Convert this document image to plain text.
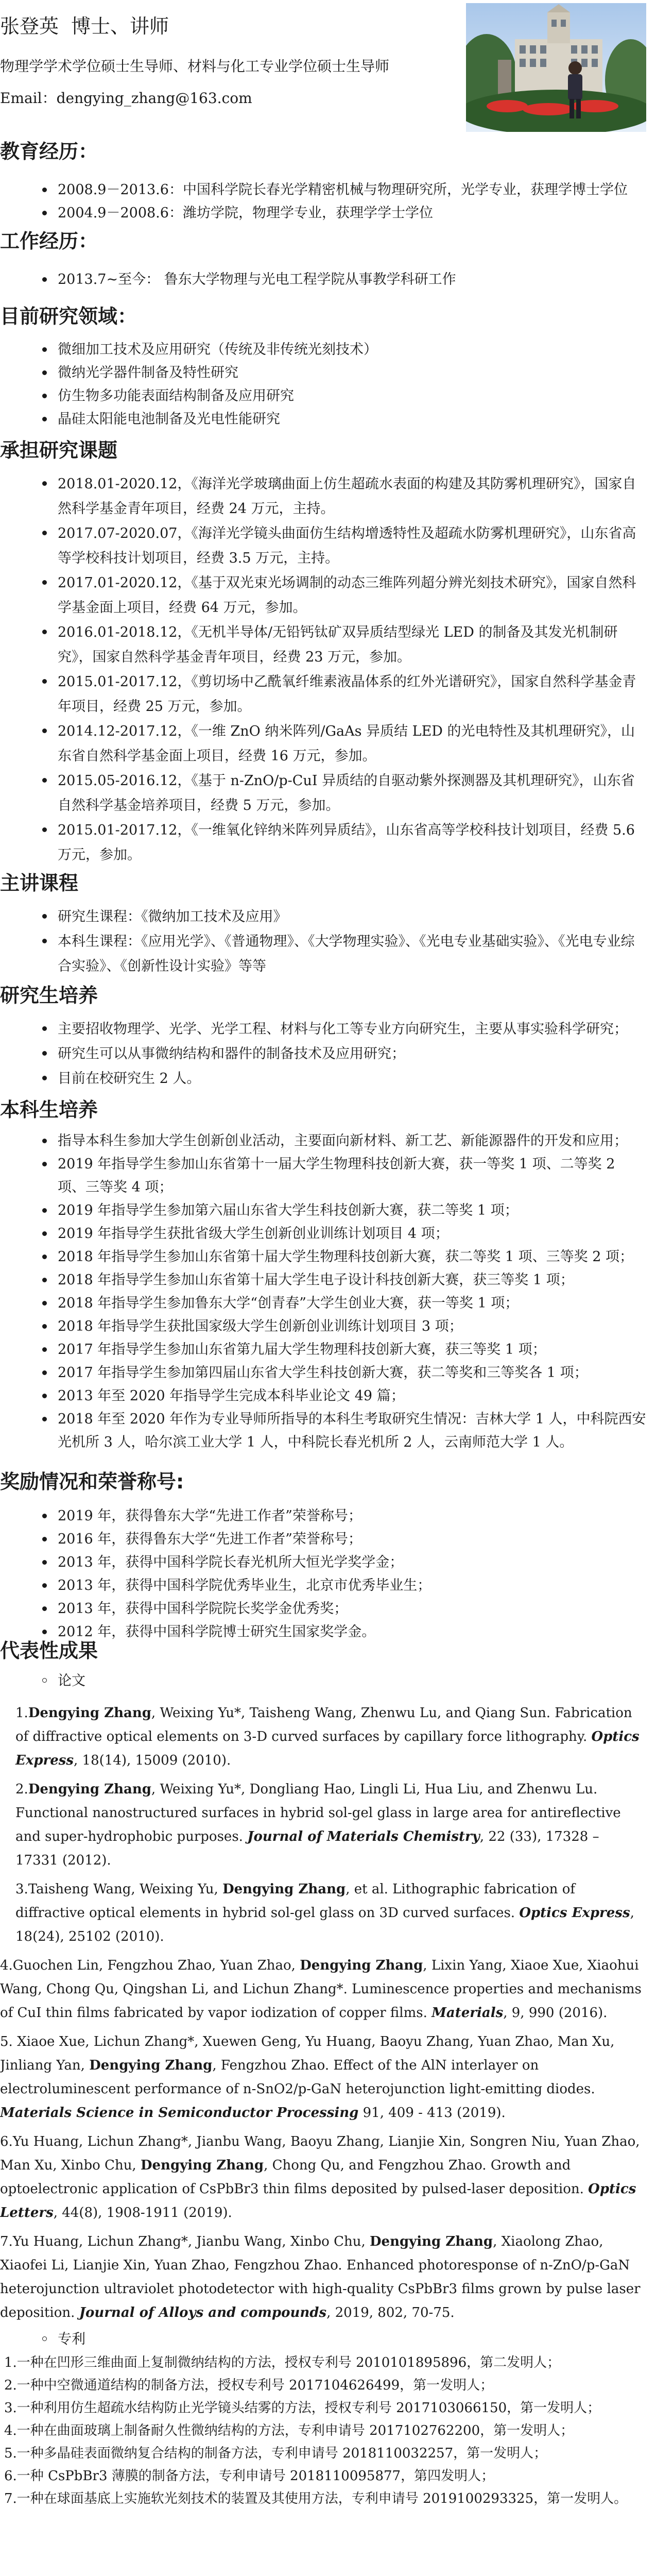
张登英 博士、讲师
物理学学术学位硕士生导师、材料与化工专业学位硕士生导师
Email：dengying_zhang@163.com
教育经历：
2008.9－2013.6：中国科学院长春光学精密机械与物理研究所，光学专业，获理学博士学位
2004.9－2008.6：潍坊学院，物理学专业，获理学学士学位
工作经历：
2013.7~至今： 鲁东大学物理与光电工程学院从事教学科研工作
目前研究领域：
微细加工技术及应用研究（传统及非传统光刻技术）
微纳光学器件制备及特性研究
仿生物多功能表面结构制备及应用研究
晶硅太阳能电池制备及光电性能研究
承担研究课题
2018.01-2020.12，《海洋光学玻璃曲面上仿生超疏水表面的构建及其防雾机理研究》，国家自然科学基金青年项目，经费 24 万元，主持。
2017.07-2020.07，《海洋光学镜头曲面仿生结构增透特性及超疏水防雾机理研究》，山东省高等学校科技计划项目，经费 3.5 万元，主持。
2017.01-2020.12，《基于双光束光场调制的动态三维阵列超分辨光刻技术研究》，国家自然科学基金面上项目，经费 64 万元，参加。
2016.01-2018.12，《无机半导体/无铅钙钛矿双异质结型绿光 LED 的制备及其发光机制研究》，国家自然科学基金青年项目，经费 23 万元，参加。
2015.01-2017.12，《剪切场中乙酰氧纤维素液晶体系的红外光谱研究》，国家自然科学基金青年项目，经费 25 万元，参加。
2014.12-2017.12，《一维 ZnO 纳米阵列/GaAs 异质结 LED 的光电特性及其机理研究》，山东省自然科学基金面上项目，经费 16 万元，参加。
2015.05-2016.12，《基于 n-ZnO/p-CuI 异质结的自驱动紫外探测器及其机理研究》，山东省自然科学基金培养项目，经费 5 万元，参加。
2015.01-2017.12，《一维氧化锌纳米阵列异质结》，山东省高等学校科技计划项目，经费 5.6 万元，参加。
主讲课程
研究生课程：《微纳加工技术及应用》
本科生课程：《应用光学》、《普通物理》、《大学物理实验》、《光电专业基础实验》、《光电专业综合实验》、《创新性设计实验》等等
研究生培养
主要招收物理学、光学、光学工程、材料与化工等专业方向研究生，主要从事实验科学研究；
研究生可以从事微纳结构和器件的制备技术及应用研究；
目前在校研究生 2 人。
本科生培养
指导本科生参加大学生创新创业活动，主要面向新材料、新工艺、新能源器件的开发和应用；
2019 年指导学生参加山东省第十一届大学生物理科技创新大赛，获一等奖 1 项、二等奖 2 项、三等奖 4 项；
2019 年指导学生参加第六届山东省大学生科技创新大赛，获二等奖 1 项；
2019 年指导学生获批省级大学生创新创业训练计划项目 4 项；
2018 年指导学生参加山东省第十届大学生物理科技创新大赛，获二等奖 1 项、三等奖 2 项；
2018 年指导学生参加山东省第十届大学生电子设计科技创新大赛，获三等奖 1 项；
2018 年指导学生参加鲁东大学“创青春”大学生创业大赛，获一等奖 1 项；
2018 年指导学生获批国家级大学生创新创业训练计划项目 3 项；
2017 年指导学生参加山东省第九届大学生物理科技创新大赛，获三等奖 1 项；
2017 年指导学生参加第四届山东省大学生科技创新大赛，获二等奖和三等奖各 1 项；
2013 年至 2020 年指导学生完成本科毕业论文 49 篇；
2018 年至 2020 年作为专业导师所指导的本科生考取研究生情况：吉林大学 1 人，中科院西安光机所 3 人，哈尔滨工业大学 1 人，中科院长春光机所 2 人，云南师范大学 1 人。
奖励情况和荣誉称号:
2019 年，获得鲁东大学“先进工作者”荣誉称号；
2016 年，获得鲁东大学“先进工作者”荣誉称号；
2013 年，获得中国科学院长春光机所大恒光学奖学金；
2013 年，获得中国科学院优秀毕业生，北京市优秀毕业生；
2013 年，获得中国科学院院长奖学金优秀奖；
2012 年，获得中国科学院博士研究生国家奖学金。
代表性成果
论文
1.Dengying Zhang, Weixing Yu*, Taisheng Wang, Zhenwu Lu, and Qiang Sun. Fabrication of diffractive optical elements on 3-D curved surfaces by capillary force lithography. Optics Express, 18(14), 15009 (2010).
2.Dengying Zhang, Weixing Yu*, Dongliang Hao, Lingli Li, Hua Liu, and Zhenwu Lu. Functional nanostructured surfaces in hybrid sol-gel glass in large area for antireflective and super-hydrophobic purposes. Journal of Materials Chemistry, 22 (33), 17328 – 17331 (2012).
3.Taisheng Wang, Weixing Yu, Dengying Zhang, et al. Lithographic fabrication of diffractive optical elements in hybrid sol-gel glass on 3D curved surfaces. Optics Express, 18(24), 25102 (2010).
4.Guochen Lin, Fengzhou Zhao, Yuan Zhao, Dengying Zhang, Lixin Yang, Xiaoe Xue, Xiaohui Wang, Chong Qu, Qingshan Li, and Lichun Zhang*. Luminescence properties and mechanisms of CuI thin films fabricated by vapor iodization of copper films. Materials, 9, 990 (2016).
5. Xiaoe Xue, Lichun Zhang*, Xuewen Geng, Yu Huang, Baoyu Zhang, Yuan Zhao, Man Xu, Jinliang Yan, Dengying Zhang, Fengzhou Zhao. Effect of the AlN interlayer on electroluminescent performance of n-SnO2/p-GaN heterojunction light-emitting diodes. Materials Science in Semiconductor Processing 91, 409 - 413 (2019).
6.Yu Huang, Lichun Zhang*, Jianbu Wang, Baoyu Zhang, Lianjie Xin, Songren Niu, Yuan Zhao, Man Xu, Xinbo Chu, Dengying Zhang, Chong Qu, and Fengzhou Zhao. Growth and optoelectronic application of CsPbBr3 thin films deposited by pulsed-laser deposition. Optics Letters, 44(8), 1908-1911 (2019).
7.Yu Huang, Lichun Zhang*, Jianbu Wang, Xinbo Chu, Dengying Zhang, Xiaolong Zhao, Xiaofei Li, Lianjie Xin, Yuan Zhao, Fengzhou Zhao. Enhanced photoresponse of n-ZnO/p-GaN heterojunction ultraviolet photodetector with high-quality CsPbBr3 films grown by pulse laser deposition. Journal of Alloys and compounds, 2019, 802, 70-75.
专利
1.一种在凹形三维曲面上复制微纳结构的方法，授权专利号 2010101895896，第二发明人；
2.一种中空微通道结构的制备方法，授权专利号 2017104626499，第一发明人；
3.一种利用仿生超疏水结构防止光学镜头结雾的方法，授权专利号 2017103066150，第一发明人；
4.一种在曲面玻璃上制备耐久性微纳结构的方法，专利申请号 2017102762200，第一发明人；
5.一种多晶硅表面微纳复合结构的制备方法，专利申请号 2018110032257，第一发明人；
6.一种 CsPbBr3 薄膜的制备方法，专利申请号 2018110095877，第四发明人；
7.一种在球面基底上实施软光刻技术的装置及其使用方法，专利申请号 2019100293325，第一发明人。
